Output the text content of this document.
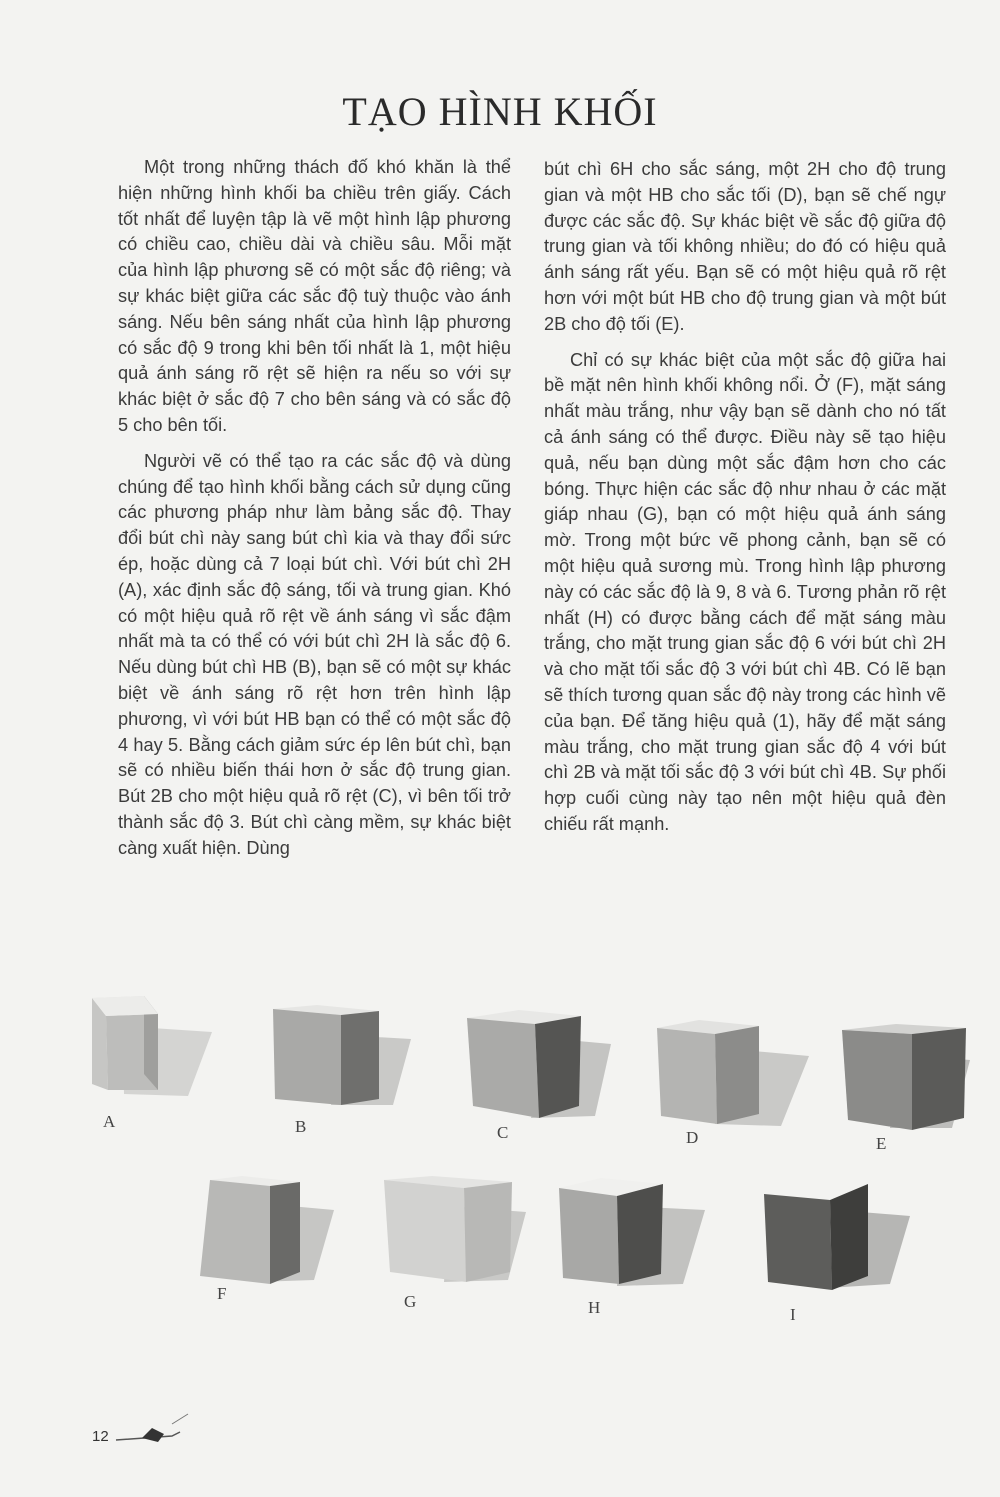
TẠO HÌNH KHỐI

Một trong những thách đố khó khăn là thể hiện những hình khối ba chiều trên giấy. Cách tốt nhất để luyện tập là vẽ một hình lập phương có chiều cao, chiều dài và chiều sâu. Mỗi mặt của hình lập phương sẽ có một sắc độ riêng; và sự khác biệt giữa các sắc độ tuỳ thuộc vào ánh sáng. Nếu bên sáng nhất của hình lập phương có sắc độ 9 trong khi bên tối nhất là 1, một hiệu quả ánh sáng rõ rệt sẽ hiện ra nếu so với sự khác biệt ở sắc độ 7 cho bên sáng và có sắc độ 5 cho bên tối.

Người vẽ có thể tạo ra các sắc độ và dùng chúng để tạo hình khối bằng cách sử dụng cũng các phương pháp như làm bảng sắc độ. Thay đổi bút chì này sang bút chì kia và thay đổi sức ép, hoặc dùng cả 7 loại bút chì. Với bút chì 2H (A), xác định sắc độ sáng, tối và trung gian. Khó có một hiệu quả rõ rệt về ánh sáng vì sắc đậm nhất mà ta có thể có với bút chì 2H là sắc độ 6. Nếu dùng bút chì HB (B), bạn sẽ có một sự khác biệt về ánh sáng rõ rệt hơn trên hình lập phương, vì với bút HB bạn có thể có một sắc độ 4 hay 5. Bằng cách giảm sức ép lên bút chì, bạn sẽ có nhiều biến thái hơn ở sắc độ trung gian. Bút 2B cho một hiệu quả rõ rệt (C), vì bên tối trở thành sắc độ 3. Bút chì càng mềm, sự khác biệt càng xuất hiện. Dùng

bút chì 6H cho sắc sáng, một 2H cho độ trung gian và một HB cho sắc tối (D), bạn sẽ chế ngự được các sắc độ. Sự khác biệt về sắc độ giữa độ trung gian và tối không nhiều; do đó có hiệu quả ánh sáng rất yếu. Bạn sẽ có một hiệu quả rõ rệt hơn với một bút HB cho độ trung gian và một bút 2B cho độ tối (E).

Chỉ có sự khác biệt của một sắc độ giữa hai bề mặt nên hình khối không nổi. Ở (F), mặt sáng nhất màu trắng, như vậy bạn sẽ dành cho nó tất cả ánh sáng có thể được. Điều này sẽ tạo hiệu quả, nếu bạn dùng một sắc đậm hơn cho các bóng. Thực hiện các sắc độ như nhau ở các mặt giáp nhau (G), bạn có một hiệu quả ánh sáng mờ. Trong một bức vẽ phong cảnh, bạn sẽ có một hiệu quả sương mù. Trong hình lập phương này có các sắc độ là 9, 8 và 6. Tương phản rõ rệt nhất (H) có được bằng cách để mặt sáng màu trắng, cho mặt trung gian sắc độ 6 với bút chì 2H và cho mặt tối sắc độ 3 với bút chì 4B. Có lẽ bạn sẽ thích tương quan sắc độ này trong các hình vẽ của bạn. Để tăng hiệu quả (1), hãy để mặt sáng màu trắng, cho mặt trung gian sắc độ 4 với bút chì 2B và mặt tối sắc độ 3 với bút chì 4B. Sự phối hợp cuối cùng này tạo nên một hiệu quả đèn chiếu rất mạnh.

A	B	C	D	E
F	G	H	I
12
